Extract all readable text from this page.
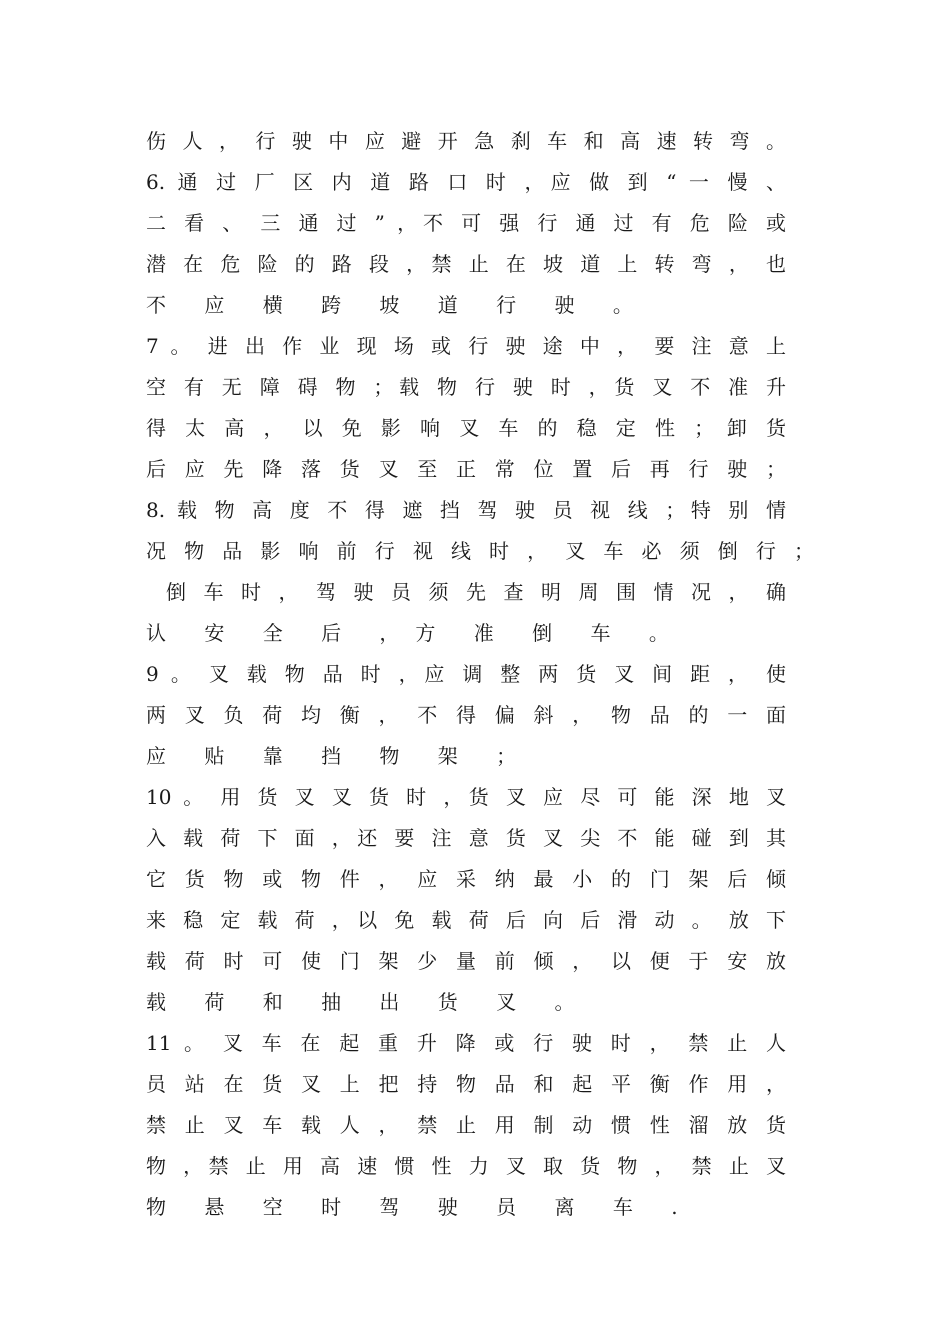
伤 人 ， 行 驶 中 应 避 开 急 刹 车 和 高 速 转 弯 。
6. 通 过 厂 区 内 道 路 口 时 ，应 做 到 “ 一 慢 、
二 看 、 三 通 过 ” ，不 可 强 行 通 过 有 危 险 或
潜 在 危 险 的 路 段 ，禁 止 在 坡 道 上 转 弯 ， 也
不 应 横 跨 坡 道 行 驶 。
7 。 进 出 作 业 现 场 或 行 驶 途 中 ， 要 注 意 上
空 有 无 障 碍 物 ；载 物 行 驶 时 ，货 叉 不 准 升
得 太 高 ， 以 免 影 响 叉 车 的 稳 定 性 ； 卸 货
后 应 先 降 落 货 叉 至 正 常 位 置 后 再 行 驶 ；
8. 载 物 高 度 不 得 遮 挡 驾 驶 员 视 线 ；特 别 情
况 物 品 影 响 前 行 视 线 时 ， 叉 车 必 须 倒 行 ；
倒 车 时 ， 驾 驶 员 须 先 查 明 周 围 情 况 ， 确
认 安 全 后 ，方 准 倒 车 。
9 。 叉 载 物 品 时 ，应 调 整 两 货 叉 间 距 ， 使
两 叉 负 荷 均 衡 ， 不 得 偏 斜 ， 物 品 的 一 面
应 贴 靠 挡 物 架 ；
10 。 用 货 叉 叉 货 时 ，货 叉 应 尽 可 能 深 地 叉
入 载 荷 下 面 ，还 要 注 意 货 叉 尖 不 能 碰 到 其
它 货 物 或 物 件 ， 应 采 纳 最 小 的 门 架 后 倾
来 稳 定 载 荷 ，以 免 载 荷 后 向 后 滑 动 。 放 下
载 荷 时 可 使 门 架 少 量 前 倾 ， 以 便 于 安 放
载 荷 和 抽 出 货 叉 。
11 。 叉 车 在 起 重 升 降 或 行 驶 时 ， 禁 止 人
员 站 在 货 叉 上 把 持 物 品 和 起 平 衡 作 用 ，
禁 止 叉 车 载 人 ， 禁 止 用 制 动 惯 性 溜 放 货
物 ，禁 止 用 高 速 惯 性 力 叉 取 货 物 ， 禁 止 叉
物 悬 空 时 驾 驶 员 离 车 .
